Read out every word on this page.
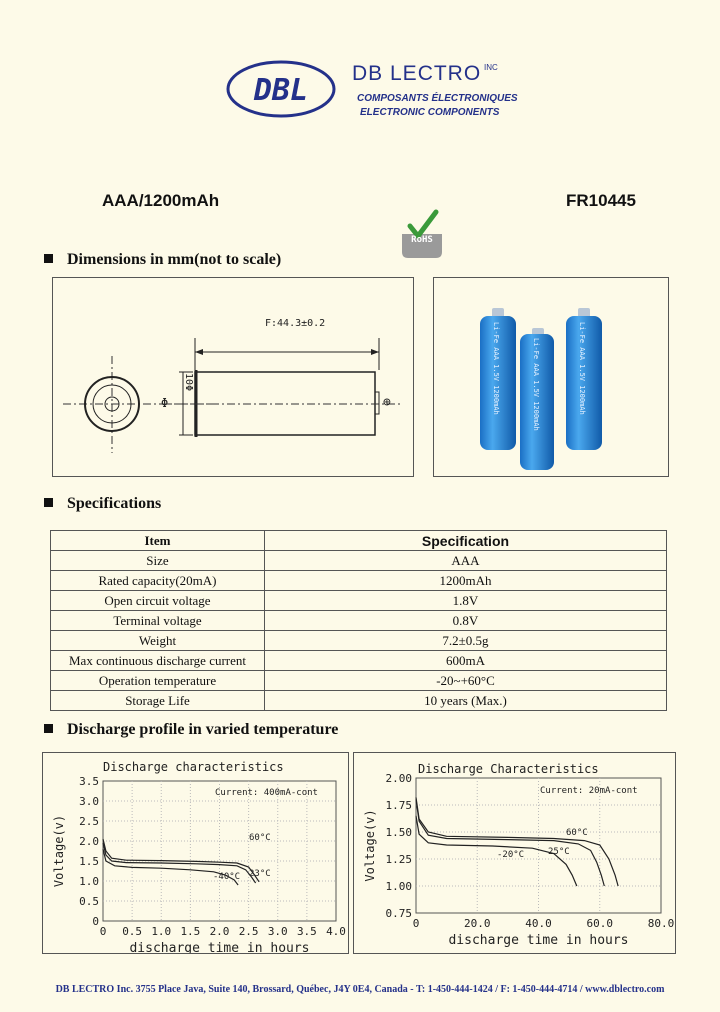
DBL DB LECTRO INC
COMPOSANTS ÉLECTRONIQUES
ELECTRONIC COMPONENTS
AAA/1200mAh	FR10445
RoHS
Dimensions in mm(not to scale)
Φ
F:44.3±0.2
10Φ
⊕	Li-Fe AAA 1.5V 1200mAh	Li-Fe AAA 1.5V 1200mAh	Li-Fe AAA 1.5V 1200mAh
Specifications
Item	Specification
Size	AAA
Rated capacity(20mA)	1200mAh
Open circuit voltage	1.8V
Terminal voltage	0.8V
Weight	7.2±0.5g
Max continuous discharge current	600mA
Operation temperature	-20~+60°C
Storage Life	10 years (Max.)
Discharge profile in varied temperature
0 0.5 1.0 1.5 2.0 2.5 3.0 3.5 4.0
0
0.5
1.0
1.5
2.0
2.5
3.0
3.5
Discharge characteristics
Current: 400mA-cont
discharge time in hours
Voltage(v)	60°C
23°C
-40°C
0	20.0	40.0	60.0	80.0
0.75
1.00
1.25
1.50
1.75
2.00
Discharge Characteristics
Current: 20mA-cont
discharge time in hours
Voltage(v)	60°C
25°C
-20°C
DB LECTRO Inc. 3755 Place Java, Suite 140, Brossard, Québec, J4Y 0E4, Canada - T: 1-450-444-1424 / F: 1-450-444-4714 / www.dblectro.com
